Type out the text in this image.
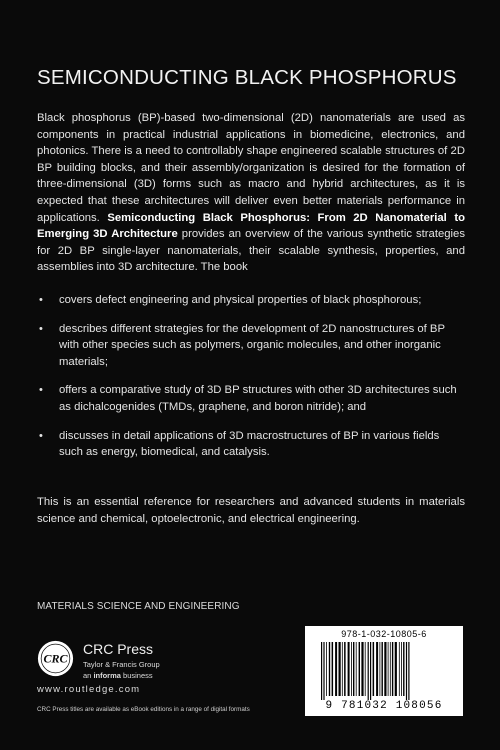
SEMICONDUCTING BLACK PHOSPHORUS

Black phosphorus (BP)-based two-dimensional (2D) nanomaterials are used as components in practical industrial applications in biomedicine, electronics, and photonics. There is a need to controllably shape engineered scalable structures of 2D BP building blocks, and their assembly/organization is desired for the formation of three-dimensional (3D) forms such as macro and hybrid architectures, as it is expected that these architectures will deliver even better materials performance in applications. Semiconducting Black Phosphorus: From 2D Nanomaterial to Emerging 3D Architecture provides an overview of the various synthetic strategies for 2D BP single-layer nanomaterials, their scalable synthesis, properties, and assemblies into 3D architecture. The book

• covers defect engineering and physical properties of black phosphorous;
• describes different strategies for the development of 2D nanostructures of BP with other species such as polymers, organic molecules, and other inorganic materials;
• offers a comparative study of 3D BP structures with other 3D architectures such as dichalcogenides (TMDs, graphene, and boron nitride); and
• discusses in detail applications of 3D macrostructures of BP in various fields such as energy, biomedical, and catalysis.

This is an essential reference for researchers and advanced students in materials science and chemical, optoelectronic, and electrical engineering.

MATERIALS SCIENCE AND ENGINEERING
CRC
CRC Press
Taylor & Francis Group
an informa business
www.routledge.com
CRC Press titles are available as eBook editions in a range of digital formats
978-1-032-10805-6
9 781032 108056
